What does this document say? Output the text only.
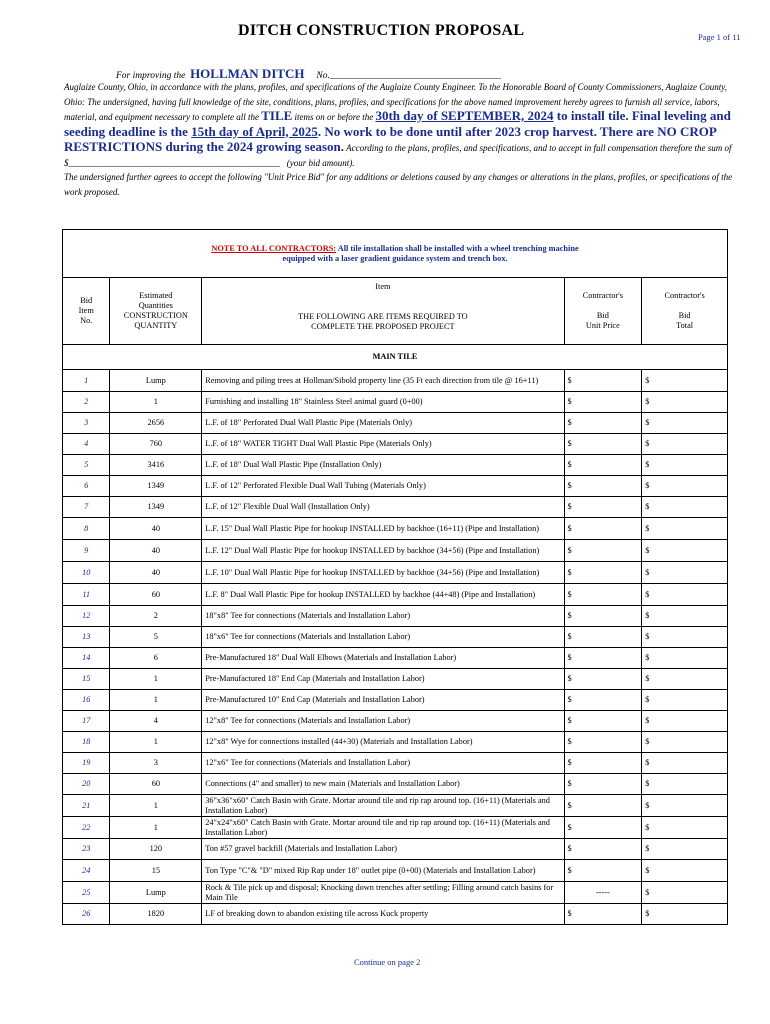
DITCH CONSTRUCTION PROPOSAL	Page 1 of 11
For improving the HOLLMAN DITCH No.____________________________________
Auglaize County, Ohio, in accordance with the plans, profiles, and specifications of the Auglaize County Engineer. To the Honorable Board of County Commissioners, Auglaize County, Ohio: The undersigned, having full knowledge of the site, conditions, plans, profiles, and specifications for the above named improvement hereby agrees to furnish all service, labors, material, and equipment necessary to complete all the TILE items on or before the 30th day of SEPTEMBER, 2024 to install tile. Final leveling and seeding deadline is the 15th day of April, 2025. No work to be done until after 2023 crop harvest. There are NO CROP RESTRICTIONS during the 2024 growing season. According to the plans, profiles, and specifications, and to accept in full compensation therefore the sum of
$_______________________________________________ (your bid amount).
The undersigned further agrees to accept the following "Unit Price Bid" for any additions or deletions caused by any changes or alterations in the plans, profiles, or specifications of the work proposed.
NOTE TO ALL CONTRACTORS: All tile installation shall be installed with a wheel trenching machine
equipped with a laser gradient guidance system and trench box.				
Bid
Item
No.	Estimated
Quantities
CONSTRUCTION
QUANTITY	Item

THE FOLLOWING ARE ITEMS REQUIRED TO
COMPLETE THE PROPOSED PROJECT	Contractor's

Bid
Unit Price	Contractor's

Bid
Total
MAIN TILE				
1	Lump	Removing and piling trees at Hollman/Sibold property line (35 Ft each direction from tile @ 16+11)	$	$
2	1	Furnishing and installing 18" Stainless Steel animal guard (0+00)	$	$
3	2656	L.F. of 18" Perforated Dual Wall Plastic Pipe (Materials Only)	$	$
4	760	L.F. of 18" WATER TIGHT Dual Wall Plastic Pipe (Materials Only)	$	$
5	3416	L.F. of 18" Dual Wall Plastic Pipe (Installation Only)	$	$
6	1349	L.F. of 12" Perforated Flexible Dual Wall Tubing (Materials Only)	$	$
7	1349	L.F. of 12" Flexible Dual Wall (Installation Only)	$	$
8	40	L.F. 15" Dual Wall Plastic Pipe for hookup INSTALLED by backhoe (16+11) (Pipe and Installation)	$	$
9	40	L.F. 12" Dual Wall Plastic Pipe for hookup INSTALLED by backhoe (34+56) (Pipe and Installation)	$	$
10	40	L.F. 10" Dual Wall Plastic Pipe for hookup INSTALLED by backhoe (34+56) (Pipe and Installation)	$	$
11	60	L.F. 8" Dual Wall Plastic Pipe for hookup INSTALLED by backhoe (44+48) (Pipe and Installation)	$	$
12	2	18"x8" Tee for connections (Materials and Installation Labor)	$	$
13	5	18"x6" Tee for connections (Materials and Installation Labor)	$	$
14	6	Pre-Manufactured 18" Dual Wall Elbows (Materials and Installation Labor)	$	$
15	1	Pre-Manufactured 18" End Cap (Materials and Installation Labor)	$	$
16	1	Pre-Manufactured 10" End Cap (Materials and Installation Labor)	$	$
17	4	12"x8" Tee for connections (Materials and Installation Labor)	$	$
18	1	12"x8" Wye for connections installed (44+30) (Materials and Installation Labor)	$	$
19	3	12"x6" Tee for connections (Materials and Installation Labor)	$	$
20	60	Connections (4" and smaller) to new main (Materials and Installation Labor)	$	$
21	1	36"x36"x60" Catch Basin with Grate. Mortar around tile and rip rap around top. (16+11) (Materials and Installation Labor)	$	$
22	1	24"x24"x60" Catch Basin with Grate. Mortar around tile and rip rap around top. (16+11) (Materials and Installation Labor)	$	$
23	120	Ton #57 gravel backfill (Materials and Installation Labor)	$	$
24	15	Ton Type "C"& "D" mixed Rip Rap under 18" outlet pipe (0+00) (Materials and Installation Labor)	$	$
25	Lump	Rock & Tile pick up and disposal; Knocking down trenches after settling; Filling around catch basins for Main Tile	-----	$
26	1820	LF of breaking down to abandon existing tile across Kuck property	$	$
Continue on page 2
